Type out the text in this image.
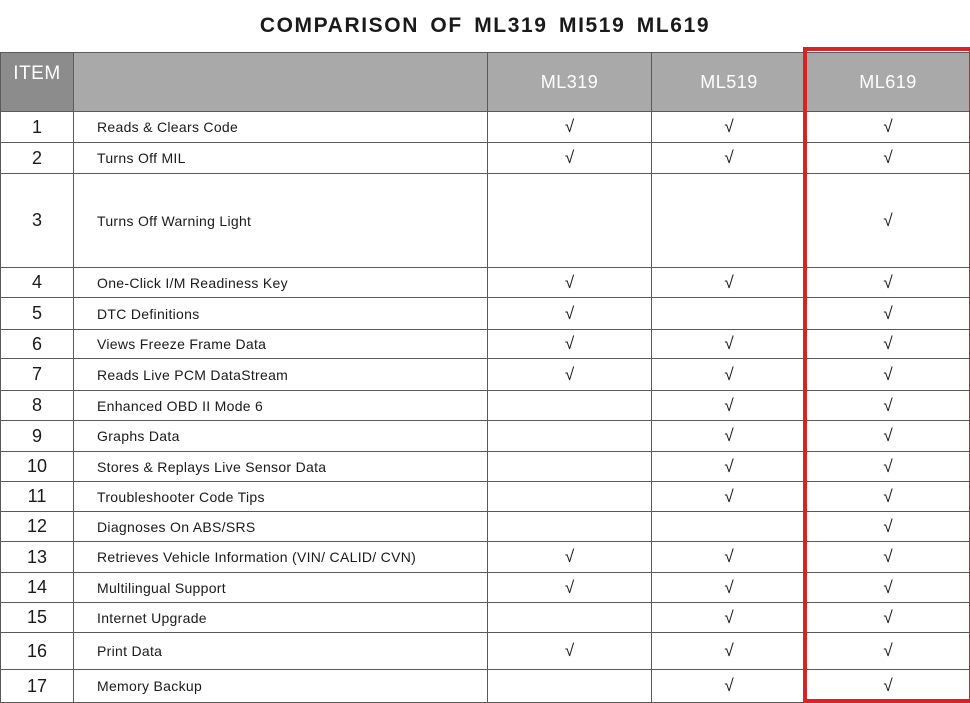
COMPARISON OF ML319 MI519 ML619
ITEM		ML319	ML519	ML619
1	Reads & Clears Code	√	√	√
2	Turns Off MIL	√	√	√
3	Turns Off Warning Light			√
4	One-Click I/M Readiness Key	√	√	√
5	DTC Definitions	√		√
6	Views Freeze Frame Data	√	√	√
7	Reads Live PCM DataStream	√	√	√
8	Enhanced OBD II Mode 6		√	√
9	Graphs Data		√	√
10	Stores & Replays Live Sensor Data		√	√
11	Troubleshooter Code Tips		√	√
12	Diagnoses On ABS/SRS			√
13	Retrieves Vehicle Information (VIN/ CALID/ CVN)	√	√	√
14	Multilingual Support	√	√	√
15	Internet Upgrade		√	√
16	Print Data	√	√	√
17	Memory Backup		√	√
